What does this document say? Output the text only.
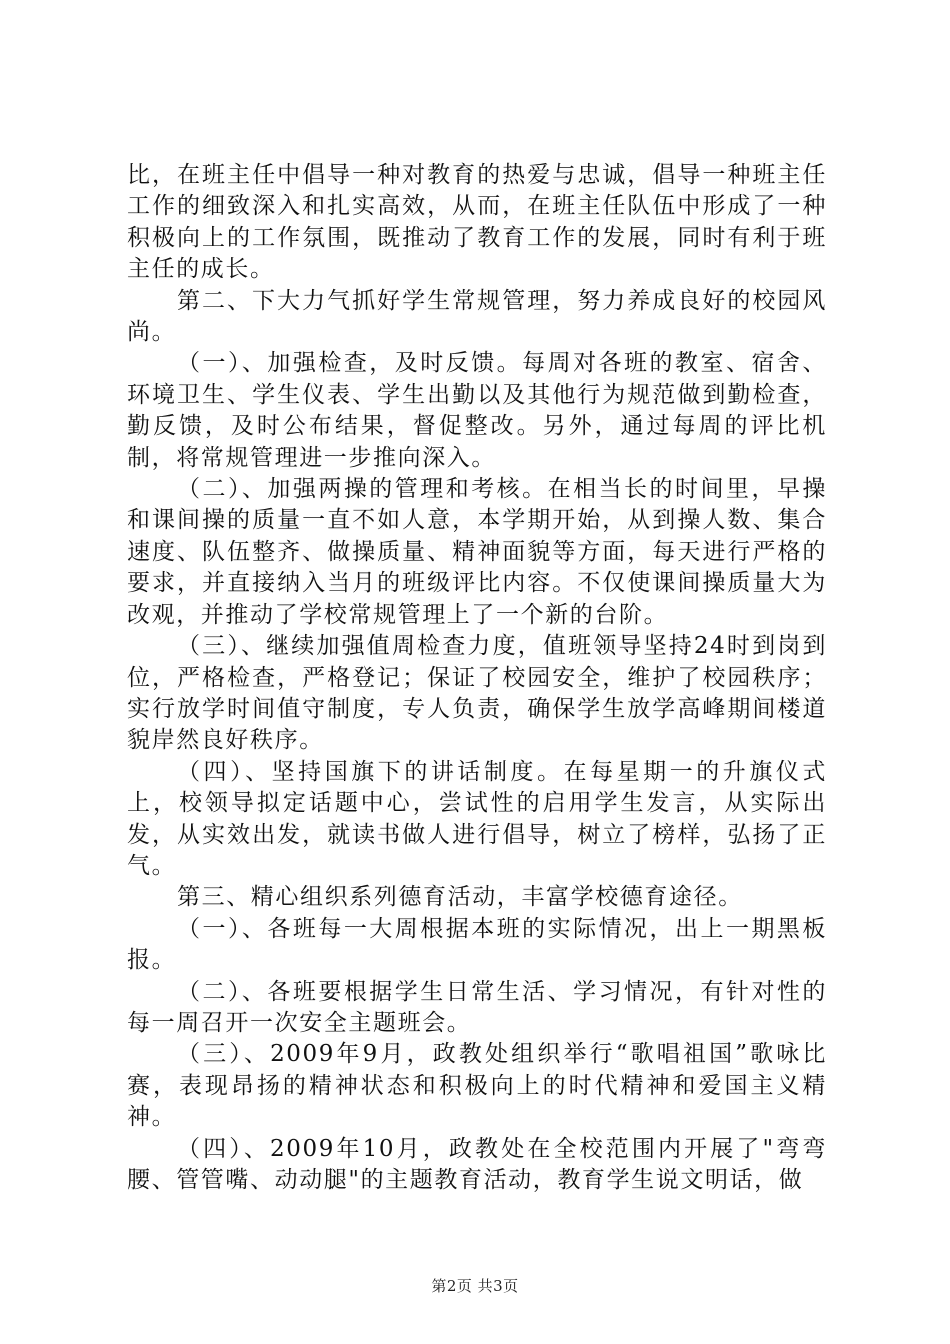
比，在班主任中倡导一种对教育的热爱与忠诚，倡导一种班主任工作的细致深入和扎实高效，从而，在班主任队伍中形成了一种积极向上的工作氛围，既推动了教育工作的发展，同时有利于班主任的成长。

第二、下大力气抓好学生常规管理，努力养成良好的校园风尚。

（一）、加强检查，及时反馈。每周对各班的教室、宿舍、环境卫生、学生仪表、学生出勤以及其他行为规范做到勤检查，勤反馈，及时公布结果，督促整改。另外，通过每周的评比机制，将常规管理进一步推向深入。

（二）、加强两操的管理和考核。在相当长的时间里，早操和课间操的质量一直不如人意，本学期开始，从到操人数、集合速度、队伍整齐、做操质量、精神面貌等方面，每天进行严格的要求，并直接纳入当月的班级评比内容。不仅使课间操质量大为改观，并推动了学校常规管理上了一个新的台阶。

（三）、继续加强值周检查力度，值班领导坚持24时到岗到位，严格检查，严格登记；保证了校园安全，维护了校园秩序；实行放学时间值守制度，专人负责，确保学生放学高峰期间楼道貌岸然良好秩序。

（四）、坚持国旗下的讲话制度。在每星期一的升旗仪式上，校领导拟定话题中心，尝试性的启用学生发言，从实际出发，从实效出发，就读书做人进行倡导，树立了榜样，弘扬了正气。

第三、精心组织系列德育活动，丰富学校德育途径。

（一）、各班每一大周根据本班的实际情况，出上一期黑板报。

（二）、各班要根据学生日常生活、学习情况，有针对性的每一周召开一次安全主题班会。

（三）、2009年9月，政教处组织举行“歌唱祖国”歌咏比赛，表现昂扬的精神状态和积极向上的时代精神和爱国主义精神。

（四）、2009年10月，政教处在全校范围内开展了"弯弯腰、管管嘴、动动腿"的主题教育活动，教育学生说文明话，做

第2页 共3页
